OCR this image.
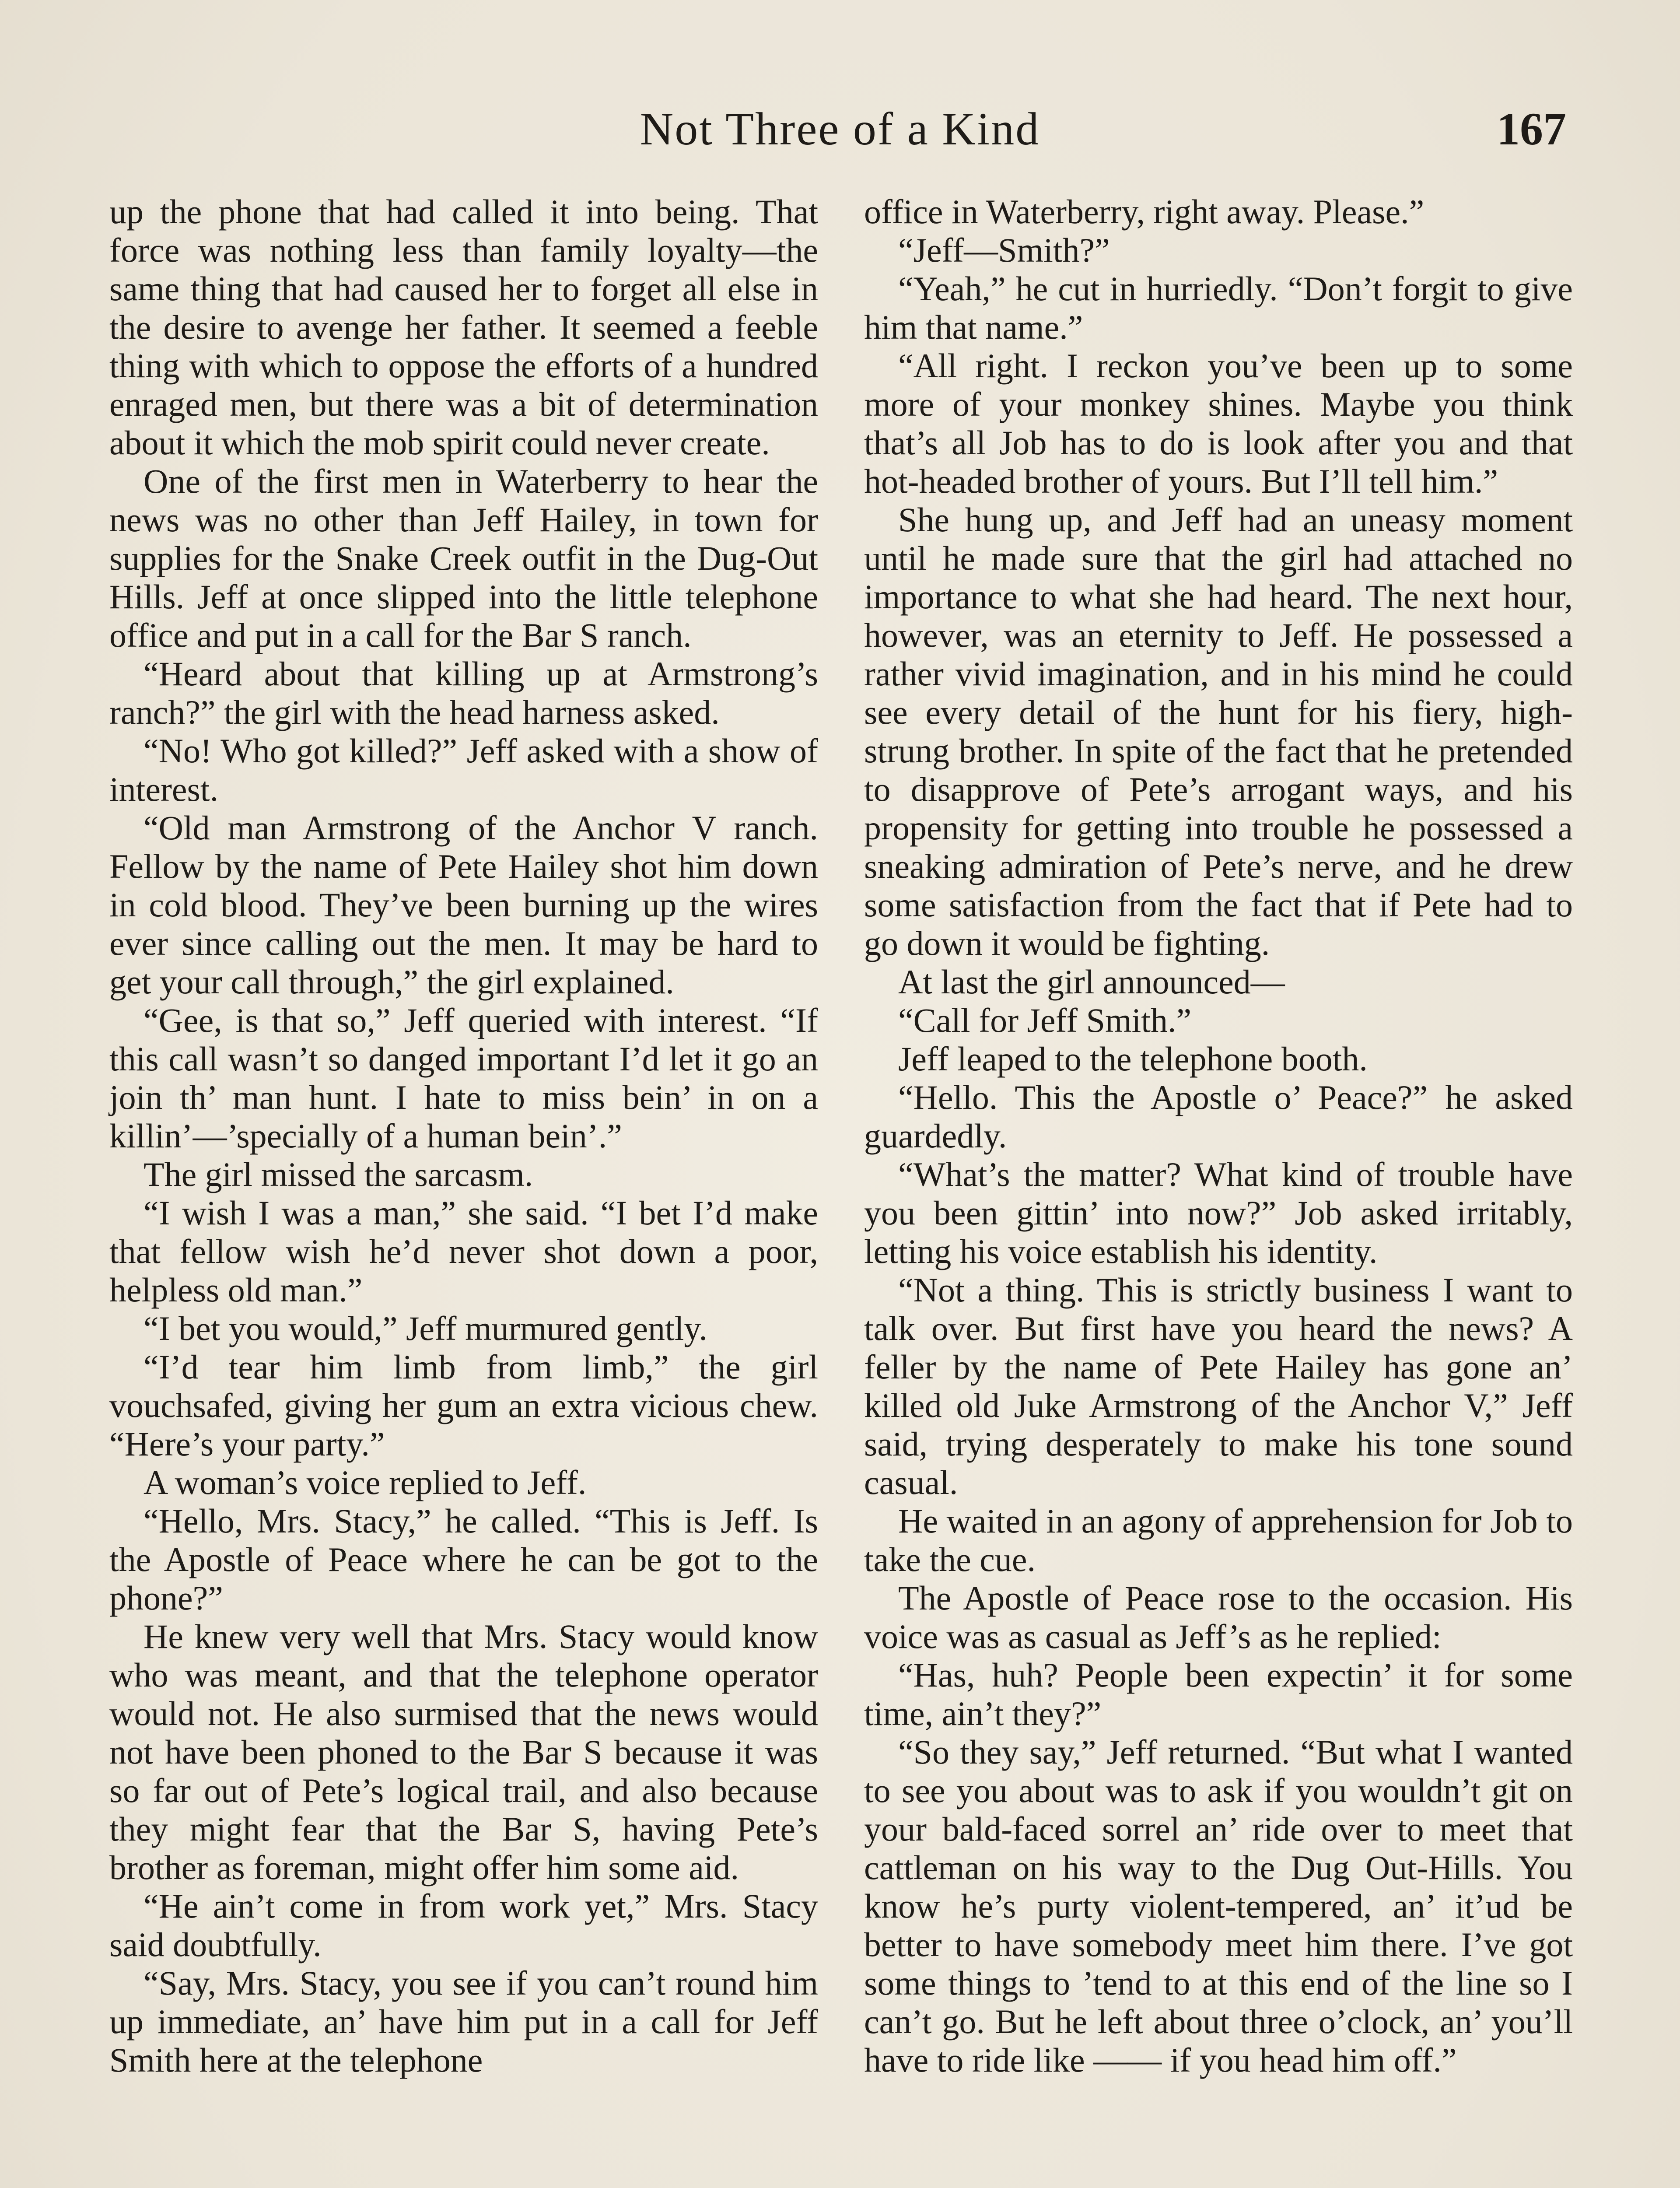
Not Three of a Kind	167

up the phone that had called it into being. That force was nothing less than family loyalty—the same thing that had caused her to forget all else in the desire to avenge her father. It seemed a feeble thing with which to oppose the efforts of a hundred enraged men, but there was a bit of determination about it which the mob spirit could never create.

One of the first men in Waterberry to hear the news was no other than Jeff Hailey, in town for supplies for the Snake Creek outfit in the Dug-Out Hills. Jeff at once slipped into the little telephone office and put in a call for the Bar S ranch.

“Heard about that killing up at Armstrong’s ranch?” the girl with the head harness asked.

“No! Who got killed?” Jeff asked with a show of interest.

“Old man Armstrong of the Anchor V ranch. Fellow by the name of Pete Hailey shot him down in cold blood. They’ve been burning up the wires ever since calling out the men. It may be hard to get your call through,” the girl explained.

“Gee, is that so,” Jeff queried with interest. “If this call wasn’t so danged important I’d let it go an join th’ man hunt. I hate to miss bein’ in on a killin’—’specially of a human bein’.”

The girl missed the sarcasm.

“I wish I was a man,” she said. “I bet I’d make that fellow wish he’d never shot down a poor, helpless old man.”

“I bet you would,” Jeff murmured gently.

“I’d tear him limb from limb,” the girl vouchsafed, giving her gum an extra vicious chew. “Here’s your party.”

A woman’s voice replied to Jeff.

“Hello, Mrs. Stacy,” he called. “This is Jeff. Is the Apostle of Peace where he can be got to the phone?”

He knew very well that Mrs. Stacy would know who was meant, and that the telephone operator would not. He also surmised that the news would not have been phoned to the Bar S because it was so far out of Pete’s logical trail, and also because they might fear that the Bar S, having Pete’s brother as foreman, might offer him some aid.

“He ain’t come in from work yet,” Mrs. Stacy said doubtfully.

“Say, Mrs. Stacy, you see if you can’t round him up immediate, an’ have him put in a call for Jeff Smith here at the telephone

office in Waterberry, right away. Please.”

“Jeff—Smith?”

“Yeah,” he cut in hurriedly. “Don’t forgit to give him that name.”

“All right. I reckon you’ve been up to some more of your monkey shines. Maybe you think that’s all Job has to do is look after you and that hot-headed brother of yours. But I’ll tell him.”

She hung up, and Jeff had an uneasy moment until he made sure that the girl had attached no importance to what she had heard. The next hour, however, was an eternity to Jeff. He possessed a rather vivid imagination, and in his mind he could see every detail of the hunt for his fiery, high-strung brother. In spite of the fact that he pretended to disapprove of Pete’s arrogant ways, and his propensity for getting into trouble he possessed a sneaking admiration of Pete’s nerve, and he drew some satisfaction from the fact that if Pete had to go down it would be fighting.

At last the girl announced—

“Call for Jeff Smith.”

Jeff leaped to the telephone booth.

“Hello. This the Apostle o’ Peace?” he asked guardedly.

“What’s the matter? What kind of trouble have you been gittin’ into now?” Job asked irritably, letting his voice establish his identity.

“Not a thing. This is strictly business I want to talk over. But first have you heard the news? A feller by the name of Pete Hailey has gone an’ killed old Juke Armstrong of the Anchor V,” Jeff said, trying desperately to make his tone sound casual.

He waited in an agony of apprehension for Job to take the cue.

The Apostle of Peace rose to the occasion. His voice was as casual as Jeff’s as he replied:

“Has, huh? People been expectin’ it for some time, ain’t they?”

“So they say,” Jeff returned. “But what I wanted to see you about was to ask if you wouldn’t git on your bald-faced sorrel an’ ride over to meet that cattleman on his way to the Dug Out-Hills. You know he’s purty violent-tempered, an’ it’ud be better to have somebody meet him there. I’ve got some things to ’tend to at this end of the line so I can’t go. But he left about three o’clock, an’ you’ll have to ride like —— if you head him off.”
